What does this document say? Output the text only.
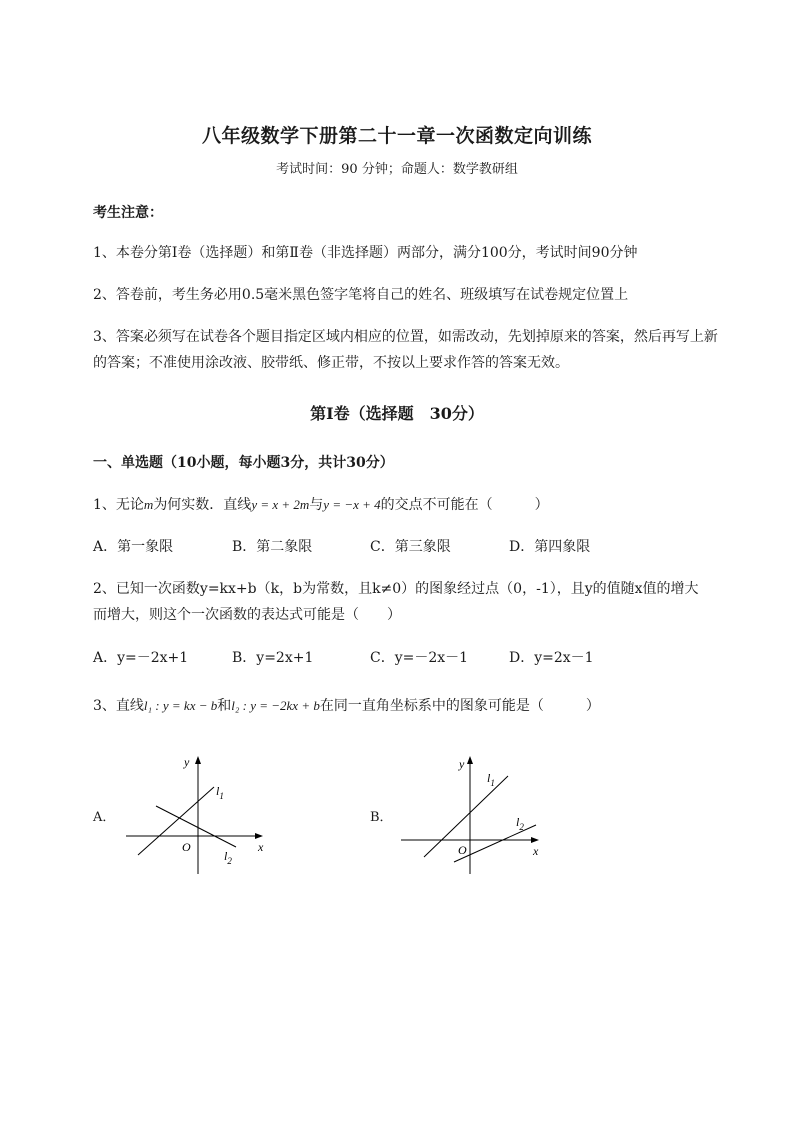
八年级数学下册第二十一章一次函数定向训练
考试时间：90 分钟；命题人：数学教研组
考生注意：
1、本卷分第Ⅰ卷（选择题）和第Ⅱ卷（非选择题）两部分，满分100分，考试时间90分钟
2、答卷前，考生务必用0.5毫米黑色签字笔将自己的姓名、班级填写在试卷规定位置上
3、答案必须写在试卷各个题目指定区域内相应的位置，如需改动，先划掉原来的答案，然后再写上新
的答案；不准使用涂改液、胶带纸、修正带，不按以上要求作答的答案无效。
第Ⅰ卷（选择题　30分）
一、单选题（10小题，每小题3分，共计30分）
1、无论m为何实数．直线y = x + 2m与y = −x + 4的交点不可能在（　　　）
A．第一象限	B．第二象限	C．第三象限	D．第四象限
2、已知一次函数y=kx+b（k，b为常数，且k≠0）的图象经过点（0，-1），且y的值随x值的增大
而增大，则这个一次函数的表达式可能是（　　）
A．y=－2x+1	B．y=2x+1	C．y=－2x－1	D．y=2x－1
3、直线l₁ : y = kx − b和l₂ : y = −2kx + b在同一直角坐标系中的图象可能是（　　　）
A．
y
x
O
$l_1$
$l_2$
B．
y
x
O
$l_1$
$l_2$
